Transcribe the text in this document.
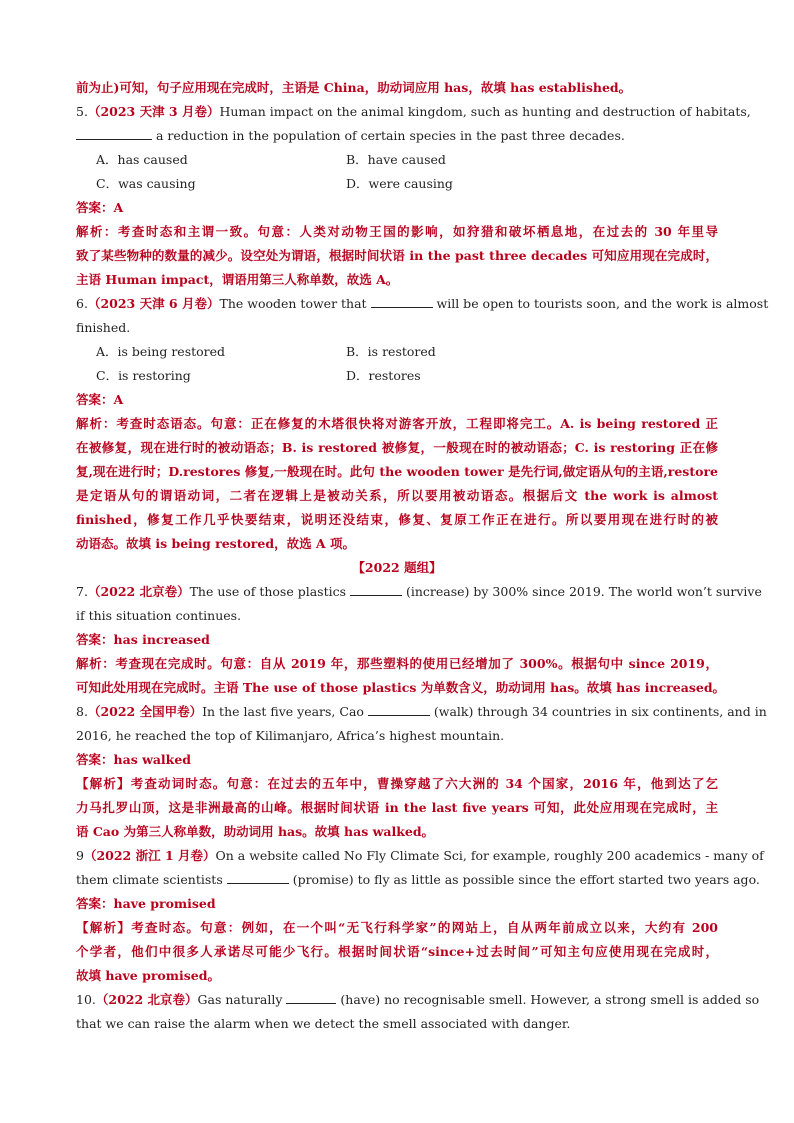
前为止)可知，句子应用现在完成时，主语是 China，助动词应用 has，故填 has established。
5.（2023 天津 3 月卷）Human impact on the animal kingdom, such as hunting and destruction of habitats,
a reduction in the population of certain species in the past three decades.
A．has caused	B．have caused
C．was causing	D．were causing
答案：A
解析：考查时态和主谓一致。句意：人类对动物王国的影响，如狩猎和破坏栖息地，在过去的 30 年里导
致了某些物种的数量的减少。设空处为谓语，根据时间状语 in the past three decades 可知应用现在完成时，
主语 Human impact，谓语用第三人称单数，故选 A。
6.（2023 天津 6 月卷）The wooden tower that	will be open to tourists soon, and the work is almost
finished.
A．is being restored	B．is restored
C．is restoring	D．restores
答案：A
解析：考查时态语态。句意：正在修复的木塔很快将对游客开放，工程即将完工。A. is being restored 正
在被修复，现在进行时的被动语态；B. is restored 被修复，一般现在时的被动语态；C. is restoring 正在修
复,现在进行时；D.restores 修复,一般现在时。此句 the wooden tower 是先行词,做定语从句的主语,restore
是定语从句的谓语动词，二者在逻辑上是被动关系，所以要用被动语态。根据后文 the work is almost
finished，修复工作几乎快要结束，说明还没结束，修复、复原工作正在进行。所以要用现在进行时的被
动语态。故填 is being restored，故选 A 项。
【2022 题组】
7.（2022 北京卷）The use of those plastics	(increase) by 300% since 2019. The world won’t survive
if this situation continues.
答案：has increased
解析：考查现在完成时。句意：自从 2019 年，那些塑料的使用已经增加了 300%。根据句中 since 2019，
可知此处用现在完成时。主语 The use of those plastics 为单数含义，助动词用 has。故填 has increased。
8.（2022 全国甲卷）In the last five years, Cao	(walk) through 34 countries in six continents, and in
2016, he reached the top of Kilimanjaro, Africa’s highest mountain.
答案：has walked
【解析】考查动词时态。句意：在过去的五年中，曹操穿越了六大洲的 34 个国家，2016 年，他到达了乞
力马扎罗山顶，这是非洲最高的山峰。根据时间状语 in the last five years 可知，此处应用现在完成时，主
语 Cao 为第三人称单数，助动词用 has。故填 has walked。
9（2022 浙江 1 月卷）On a website called No Fly Climate Sci, for example, roughly 200 academics - many of
them climate scientists	(promise) to fly as little as possible since the effort started two years ago.
答案：have promised
【解析】考查时态。句意：例如，在一个叫“无飞行科学家”的网站上，自从两年前成立以来，大约有 200
个学者，他们中很多人承诺尽可能少飞行。根据时间状语“since+过去时间”可知主句应使用现在完成时，
故填 have promised。
10.（2022 北京卷）Gas naturally	(have) no recognisable smell. However, a strong smell is added so
that we can raise the alarm when we detect the smell associated with danger.
